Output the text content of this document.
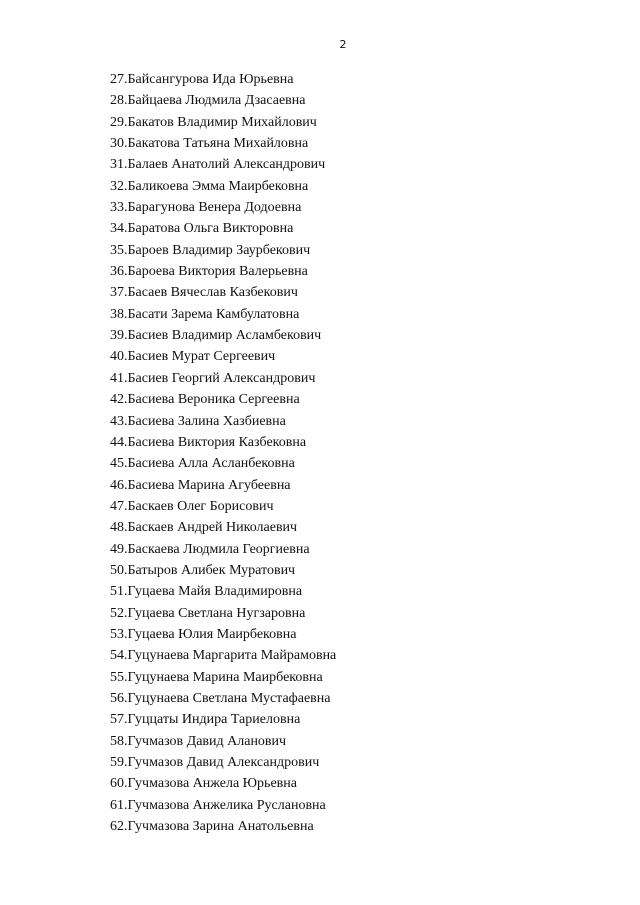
2
27.Байсангурова Ида Юрьевна
28.Байцаева Людмила Дзасаевна
29.Бакатов Владимир Михайлович
30.Бакатова Татьяна Михайловна
31.Балаев Анатолий Александрович
32.Баликоева Эмма Маирбековна
33.Барагунова Венера Додоевна
34.Баратова Ольга Викторовна
35.Бароев Владимир Заурбекович
36.Бароева Виктория Валерьевна
37.Басаев Вячеслав Казбекович
38.Басати Зарема Камбулатовна
39.Басиев Владимир Асламбекович
40.Басиев Мурат Сергеевич
41.Басиев Георгий Александрович
42.Басиева Вероника Сергеевна
43.Басиева Залина Хазбиевна
44.Басиева Виктория Казбековна
45.Басиева Алла Асланбековна
46.Басиева Марина Агубеевна
47.Баскаев Олег Борисович
48.Баскаев Андрей Николаевич
49.Баскаева Людмила Георгиевна
50.Батыров Алибек Муратович
51.Гуцаева Майя Владимировна
52.Гуцаева Светлана Нугзаровна
53.Гуцаева Юлия Маирбековна
54.Гуцунаева Маргарита Майрамовна
55.Гуцунаева Марина Маирбековна
56.Гуцунаева Светлана Мустафаевна
57.Гуццаты Индира Тариеловна
58.Гучмазов Давид Аланович
59.Гучмазов Давид Александрович
60.Гучмазова Анжела Юрьевна
61.Гучмазова Анжелика Руслановна
62.Гучмазова Зарина Анатольевна
